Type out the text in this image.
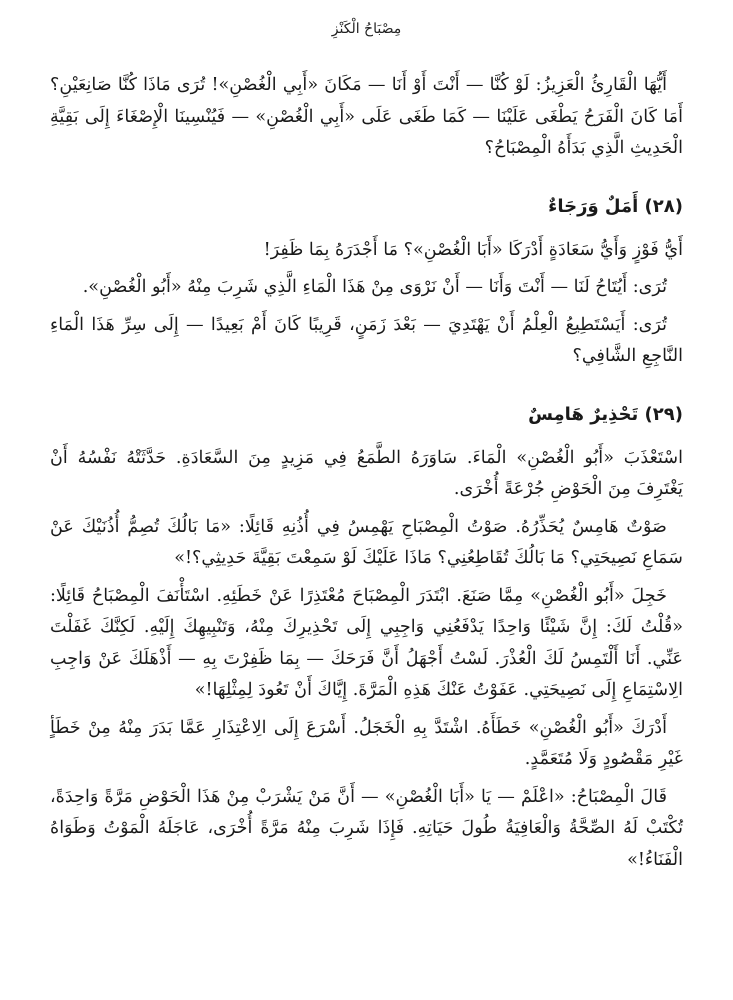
مِصْبَاحُ الْكَنْزِ

أَيُّهَا الْقَارِئُ الْعَزِيزُ: لَوْ كُنَّا — أَنْتَ أَوْ أَنَا — مَكَانَ «أَبِي الْغُصْنِ»! تُرَى مَاذَا كُنَّا صَانِعَيْنِ؟ أَمَا كَانَ الْفَرَحُ يَطْغَى عَلَيْنَا — كَمَا طَغَى عَلَى «أَبِي الْغُصْنِ» — فَيُنْسِينَا الْإِصْغَاءَ إِلَى بَقِيَّةِ الْحَدِيثِ الَّذِي بَدَأَهُ الْمِصْبَاحُ؟

(٢٨) أَمَلٌ وَرَجَاءٌ

أَيُّ فَوْزٍ وَأَيُّ سَعَادَةٍ أَدْرَكَا «أَبَا الْغُصْنِ»؟ مَا أَجْدَرَهُ بِمَا ظَفِرَ!

تُرَى: أَيُتَاحُ لَنَا — أَنْتَ وَأَنَا — أَنْ نَرْوَى مِنْ هَذَا الْمَاءِ الَّذِي شَرِبَ مِنْهُ «أَبُو الْغُصْنِ».

تُرَى: أَيَسْتَطِيعُ الْعِلْمُ أَنْ يَهْتَدِيَ — بَعْدَ زَمَنٍ، قَرِيبًا كَانَ أَمْ بَعِيدًا — إِلَى سِرِّ هَذَا الْمَاءِ النَّاجِعِ الشَّافِي؟

(٢٩) تَحْذِيرٌ هَامِسٌ

اسْتَعْذَبَ «أَبُو الْغُصْنِ» الْمَاءَ. سَاوَرَهُ الطَّمَعُ فِي مَزِيدٍ مِنَ السَّعَادَةِ. حَدَّثَتْهُ نَفْسُهُ أَنْ يَغْتَرِفَ مِنَ الْحَوْضِ جُرْعَةً أُخْرَى.

صَوْتٌ هَامِسٌ يُحَذِّرُهُ. صَوْتُ الْمِصْبَاحِ يَهْمِسُ فِي أُذُنِهِ قَائِلًا: «مَا بَالُكَ تُصِمُّ أُذُنَيْكَ عَنْ سَمَاعِ نَصِيحَتِي؟ مَا بَالُكَ تُقَاطِعُنِي؟ مَاذَا عَلَيْكَ لَوْ سَمِعْتَ بَقِيَّةَ حَدِيثِي؟!»

خَجِلَ «أَبُو الْغُصْنِ» مِمَّا صَنَعَ. ابْتَدَرَ الْمِصْبَاحَ مُعْتَذِرًا عَنْ خَطَئِهِ. اسْتَأْنَفَ الْمِصْبَاحُ قَائِلًا: «قُلْتُ لَكَ: إِنَّ شَيْئًا وَاحِدًا يَدْفَعُنِي وَاجِبِي إِلَى تَحْذِيرِكَ مِنْهُ، وَتَنْبِيهِكَ إِلَيْهِ. لَكِنَّكَ غَفَلْتَ عَنِّي. أَنَا أَلْتَمِسُ لَكَ الْعُذْرَ. لَسْتُ أَجْهَلُ أَنَّ فَرَحَكَ — بِمَا ظَفِرْتَ بِهِ — أَذْهَلَكَ عَنْ وَاجِبِ الِاسْتِمَاعِ إِلَى نَصِيحَتِي. عَفَوْتُ عَنْكَ هَذِهِ الْمَرَّةَ. إِيَّاكَ أَنْ تَعُودَ لِمِثْلِهَا!»

أَدْرَكَ «أَبُو الْغُصْنِ» خَطَأَهُ. اشْتَدَّ بِهِ الْخَجَلُ. أَسْرَعَ إِلَى الِاعْتِذَارِ عَمَّا بَدَرَ مِنْهُ مِنْ خَطَأٍ غَيْرِ مَقْصُودٍ وَلَا مُتَعَمَّدٍ.

قَالَ الْمِصْبَاحُ: «اعْلَمْ — يَا «أَبَا الْغُصْنِ» — أَنَّ مَنْ يَشْرَبْ مِنْ هَذَا الْحَوْضِ مَرَّةً وَاحِدَةً، تُكْتَبْ لَهُ الصِّحَّةُ وَالْعَافِيَةُ طُولَ حَيَاتِهِ. فَإِذَا شَرِبَ مِنْهُ مَرَّةً أُخْرَى، عَاجَلَهُ الْمَوْتُ وَطَوَاهُ الْفَنَاءُ!»
